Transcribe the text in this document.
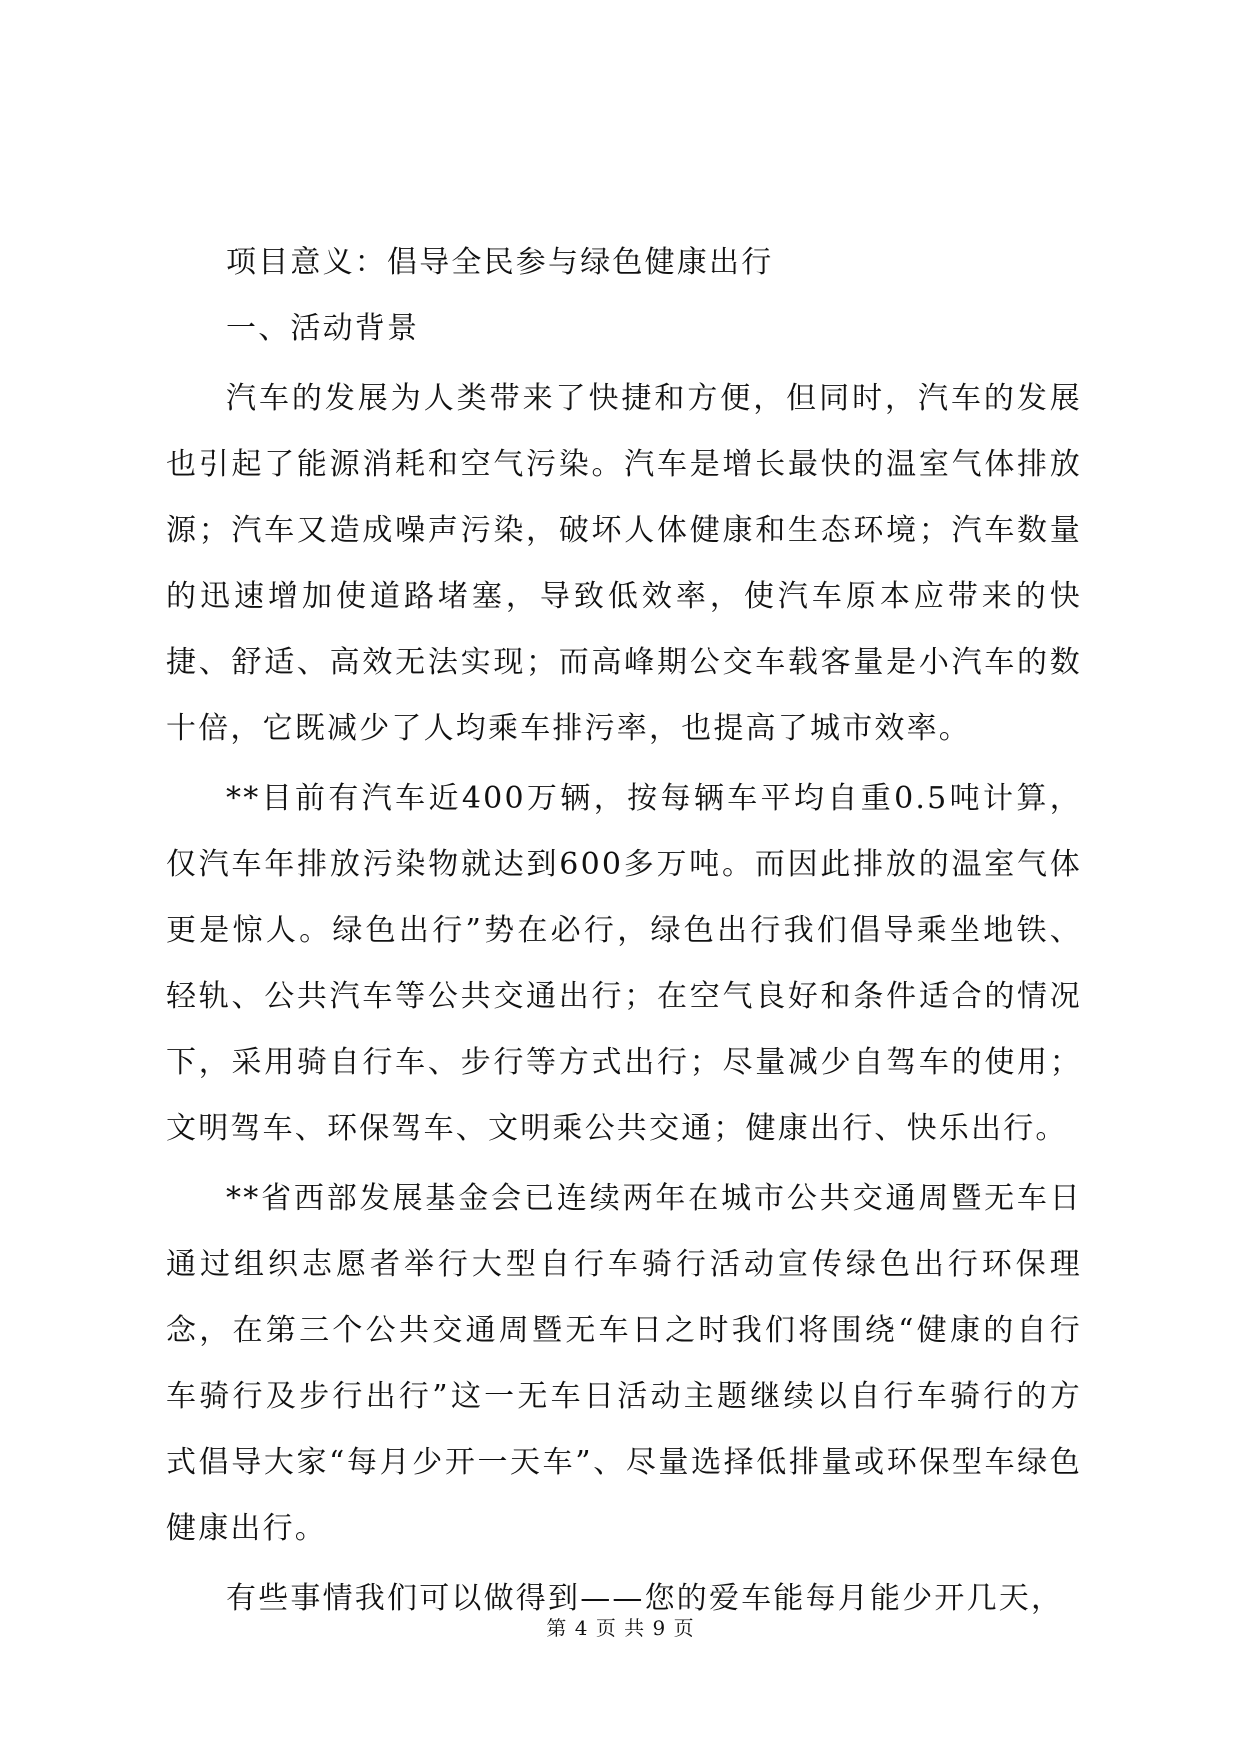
项目意义：倡导全民参与绿色健康出行

一、活动背景

汽车的发展为人类带来了快捷和方便，但同时，汽车的发展也引起了能源消耗和空气污染。汽车是增长最快的温室气体排放源；汽车又造成噪声污染，破坏人体健康和生态环境；汽车数量的迅速增加使道路堵塞，导致低效率，使汽车原本应带来的快捷、舒适、高效无法实现；而高峰期公交车载客量是小汽车的数十倍，它既减少了人均乘车排污率，也提高了城市效率。

**目前有汽车近400万辆，按每辆车平均自重0.5吨计算，仅汽车年排放污染物就达到600多万吨。而因此排放的温室气体更是惊人。绿色出行”势在必行，绿色出行我们倡导乘坐地铁、轻轨、公共汽车等公共交通出行；在空气良好和条件适合的情况下，采用骑自行车、步行等方式出行；尽量减少自驾车的使用；文明驾车、环保驾车、文明乘公共交通；健康出行、快乐出行。

**省西部发展基金会已连续两年在城市公共交通周暨无车日通过组织志愿者举行大型自行车骑行活动宣传绿色出行环保理念，在第三个公共交通周暨无车日之时我们将围绕“健康的自行车骑行及步行出行”这一无车日活动主题继续以自行车骑行的方式倡导大家“每月少开一天车”、尽量选择低排量或环保型车绿色健康出行。

有些事情我们可以做得到——您的爱车能每月能少开几天，

第 4 页 共 9 页
